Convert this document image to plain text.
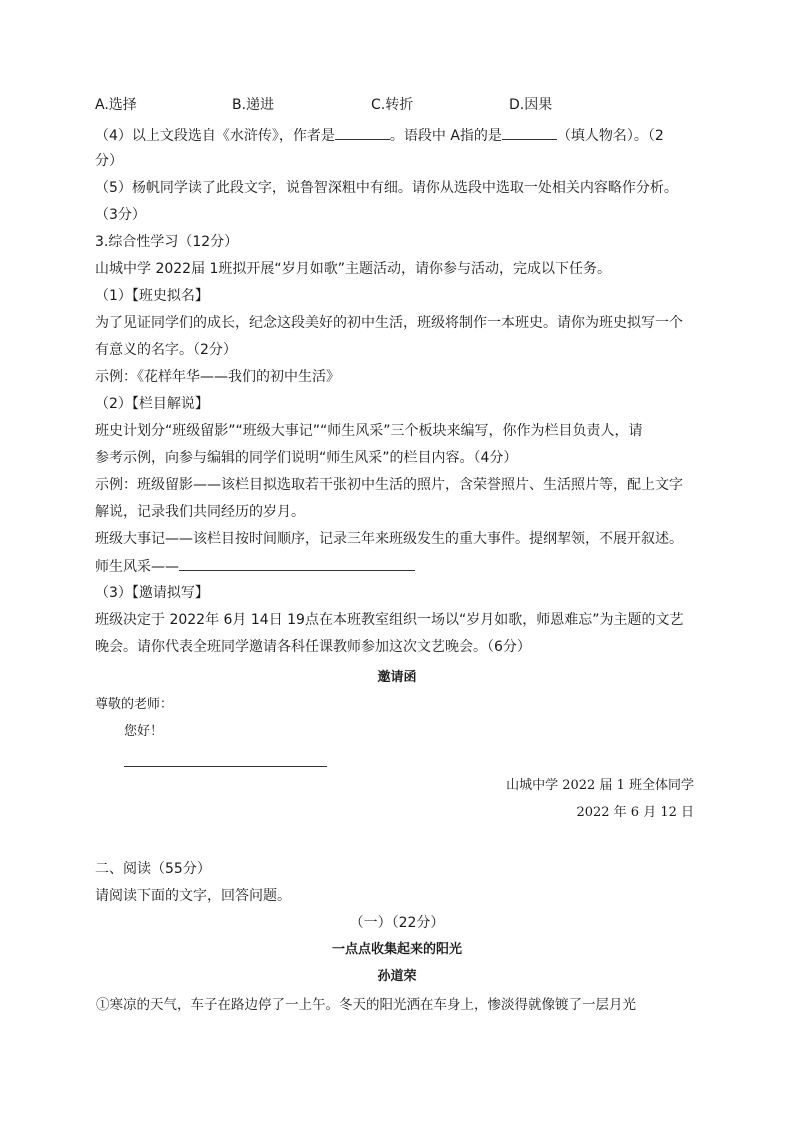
A.选择	B.递进	C.转折	D.因果
（4）以上文段选自《水浒传》，作者是	。语段中 A指的是	（填人物名）。（2
分）
（5）杨帆同学读了此段文字，说鲁智深粗中有细。请你从选段中选取一处相关内容略作分析。
（3分）
3.综合性学习（12分）
山城中学 2022届 1班拟开展“岁月如歌”主题活动，请你参与活动，完成以下任务。
（1）【班史拟名】
为了见证同学们的成长，纪念这段美好的初中生活，班级将制作一本班史。请你为班史拟写一个
有意义的名字。（2分）
示例：《花样年华——我们的初中生活》
（2）【栏目解说】
班史计划分“班级留影”“班级大事记”“师生风采”三个板块来编写，你作为栏目负责人，请
参考示例，向参与编辑的同学们说明“师生风采”的栏目内容。（4分）
示例：班级留影——该栏目拟选取若干张初中生活的照片，含荣誉照片、生活照片等，配上文字
解说，记录我们共同经历的岁月。
班级大事记——该栏目按时间顺序，记录三年来班级发生的重大事件。提纲挈领，不展开叙述。
师生风采——
（3）【邀请拟写】
班级决定于 2022年 6月 14日 19点在本班教室组织一场以“岁月如歌，师恩难忘”为主题的文艺
晚会。请你代表全班同学邀请各科任课教师参加这次文艺晚会。（6分）
邀请函
尊敬的老师：
您好！
山城中学 2022 届 1 班全体同学
2022 年 6 月 12 日
二、阅读（55分）
请阅读下面的文字，回答问题。
（一）（22分）
一点点收集起来的阳光
孙道荣
①寒凉的天气，车子在路边停了一上午。冬天的阳光洒在车身上，惨淡得就像镀了一层月光
